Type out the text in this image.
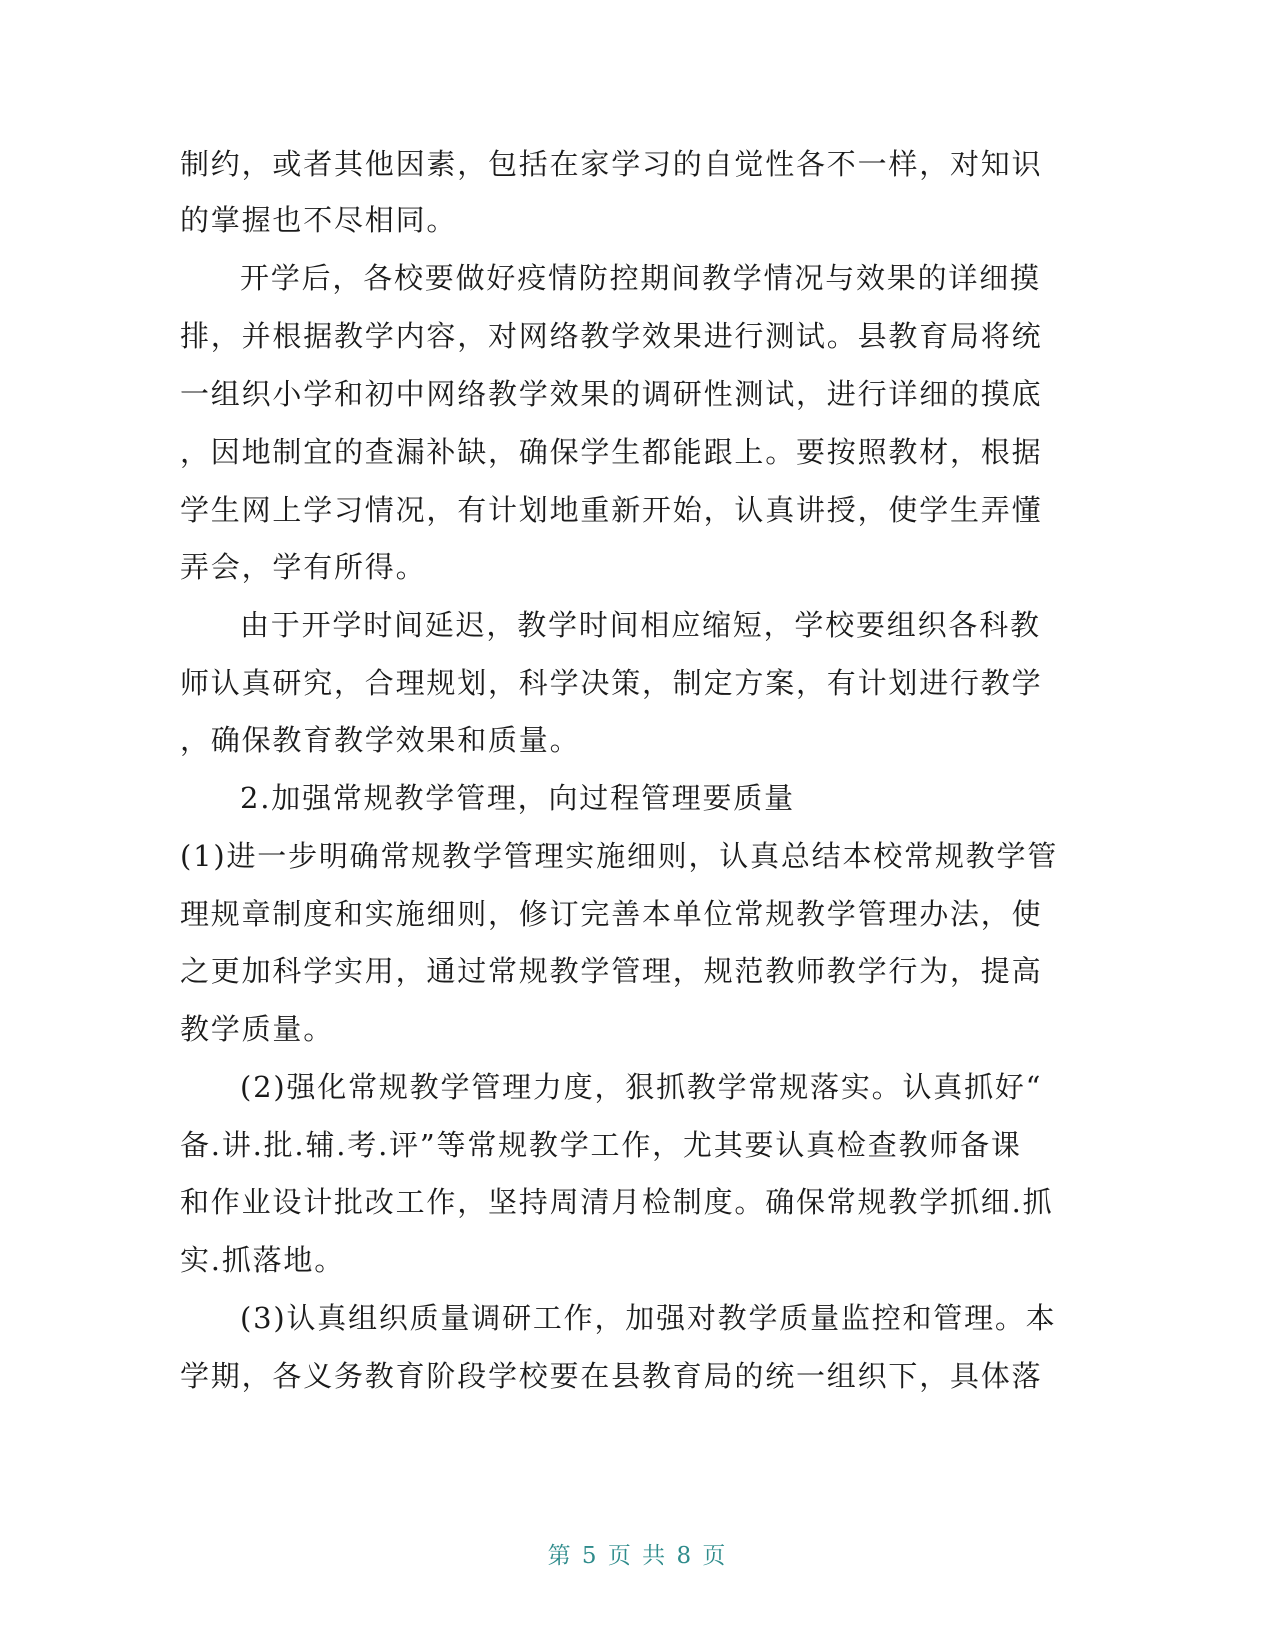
制约，或者其他因素，包括在家学习的自觉性各不一样，对知识
的掌握也不尽相同。
开学后，各校要做好疫情防控期间教学情况与效果的详细摸
排，并根据教学内容，对网络教学效果进行测试。县教育局将统
一组织小学和初中网络教学效果的调研性测试，进行详细的摸底
，因地制宜的查漏补缺，确保学生都能跟上。要按照教材，根据
学生网上学习情况，有计划地重新开始，认真讲授，使学生弄懂
弄会，学有所得。
由于开学时间延迟，教学时间相应缩短，学校要组织各科教
师认真研究，合理规划，科学决策，制定方案，有计划进行教学
，确保教育教学效果和质量。
2.加强常规教学管理，向过程管理要质量
(1)进一步明确常规教学管理实施细则，认真总结本校常规教学管
理规章制度和实施细则，修订完善本单位常规教学管理办法，使
之更加科学实用，通过常规教学管理，规范教师教学行为，提高
教学质量。
(2)强化常规教学管理力度，狠抓教学常规落实。认真抓好“
备.讲.批.辅.考.评”等常规教学工作，尤其要认真检查教师备课
和作业设计批改工作，坚持周清月检制度。确保常规教学抓细.抓
实.抓落地。
(3)认真组织质量调研工作，加强对教学质量监控和管理。本
学期，各义务教育阶段学校要在县教育局的统一组织下，具体落
第 5 页 共 8 页
